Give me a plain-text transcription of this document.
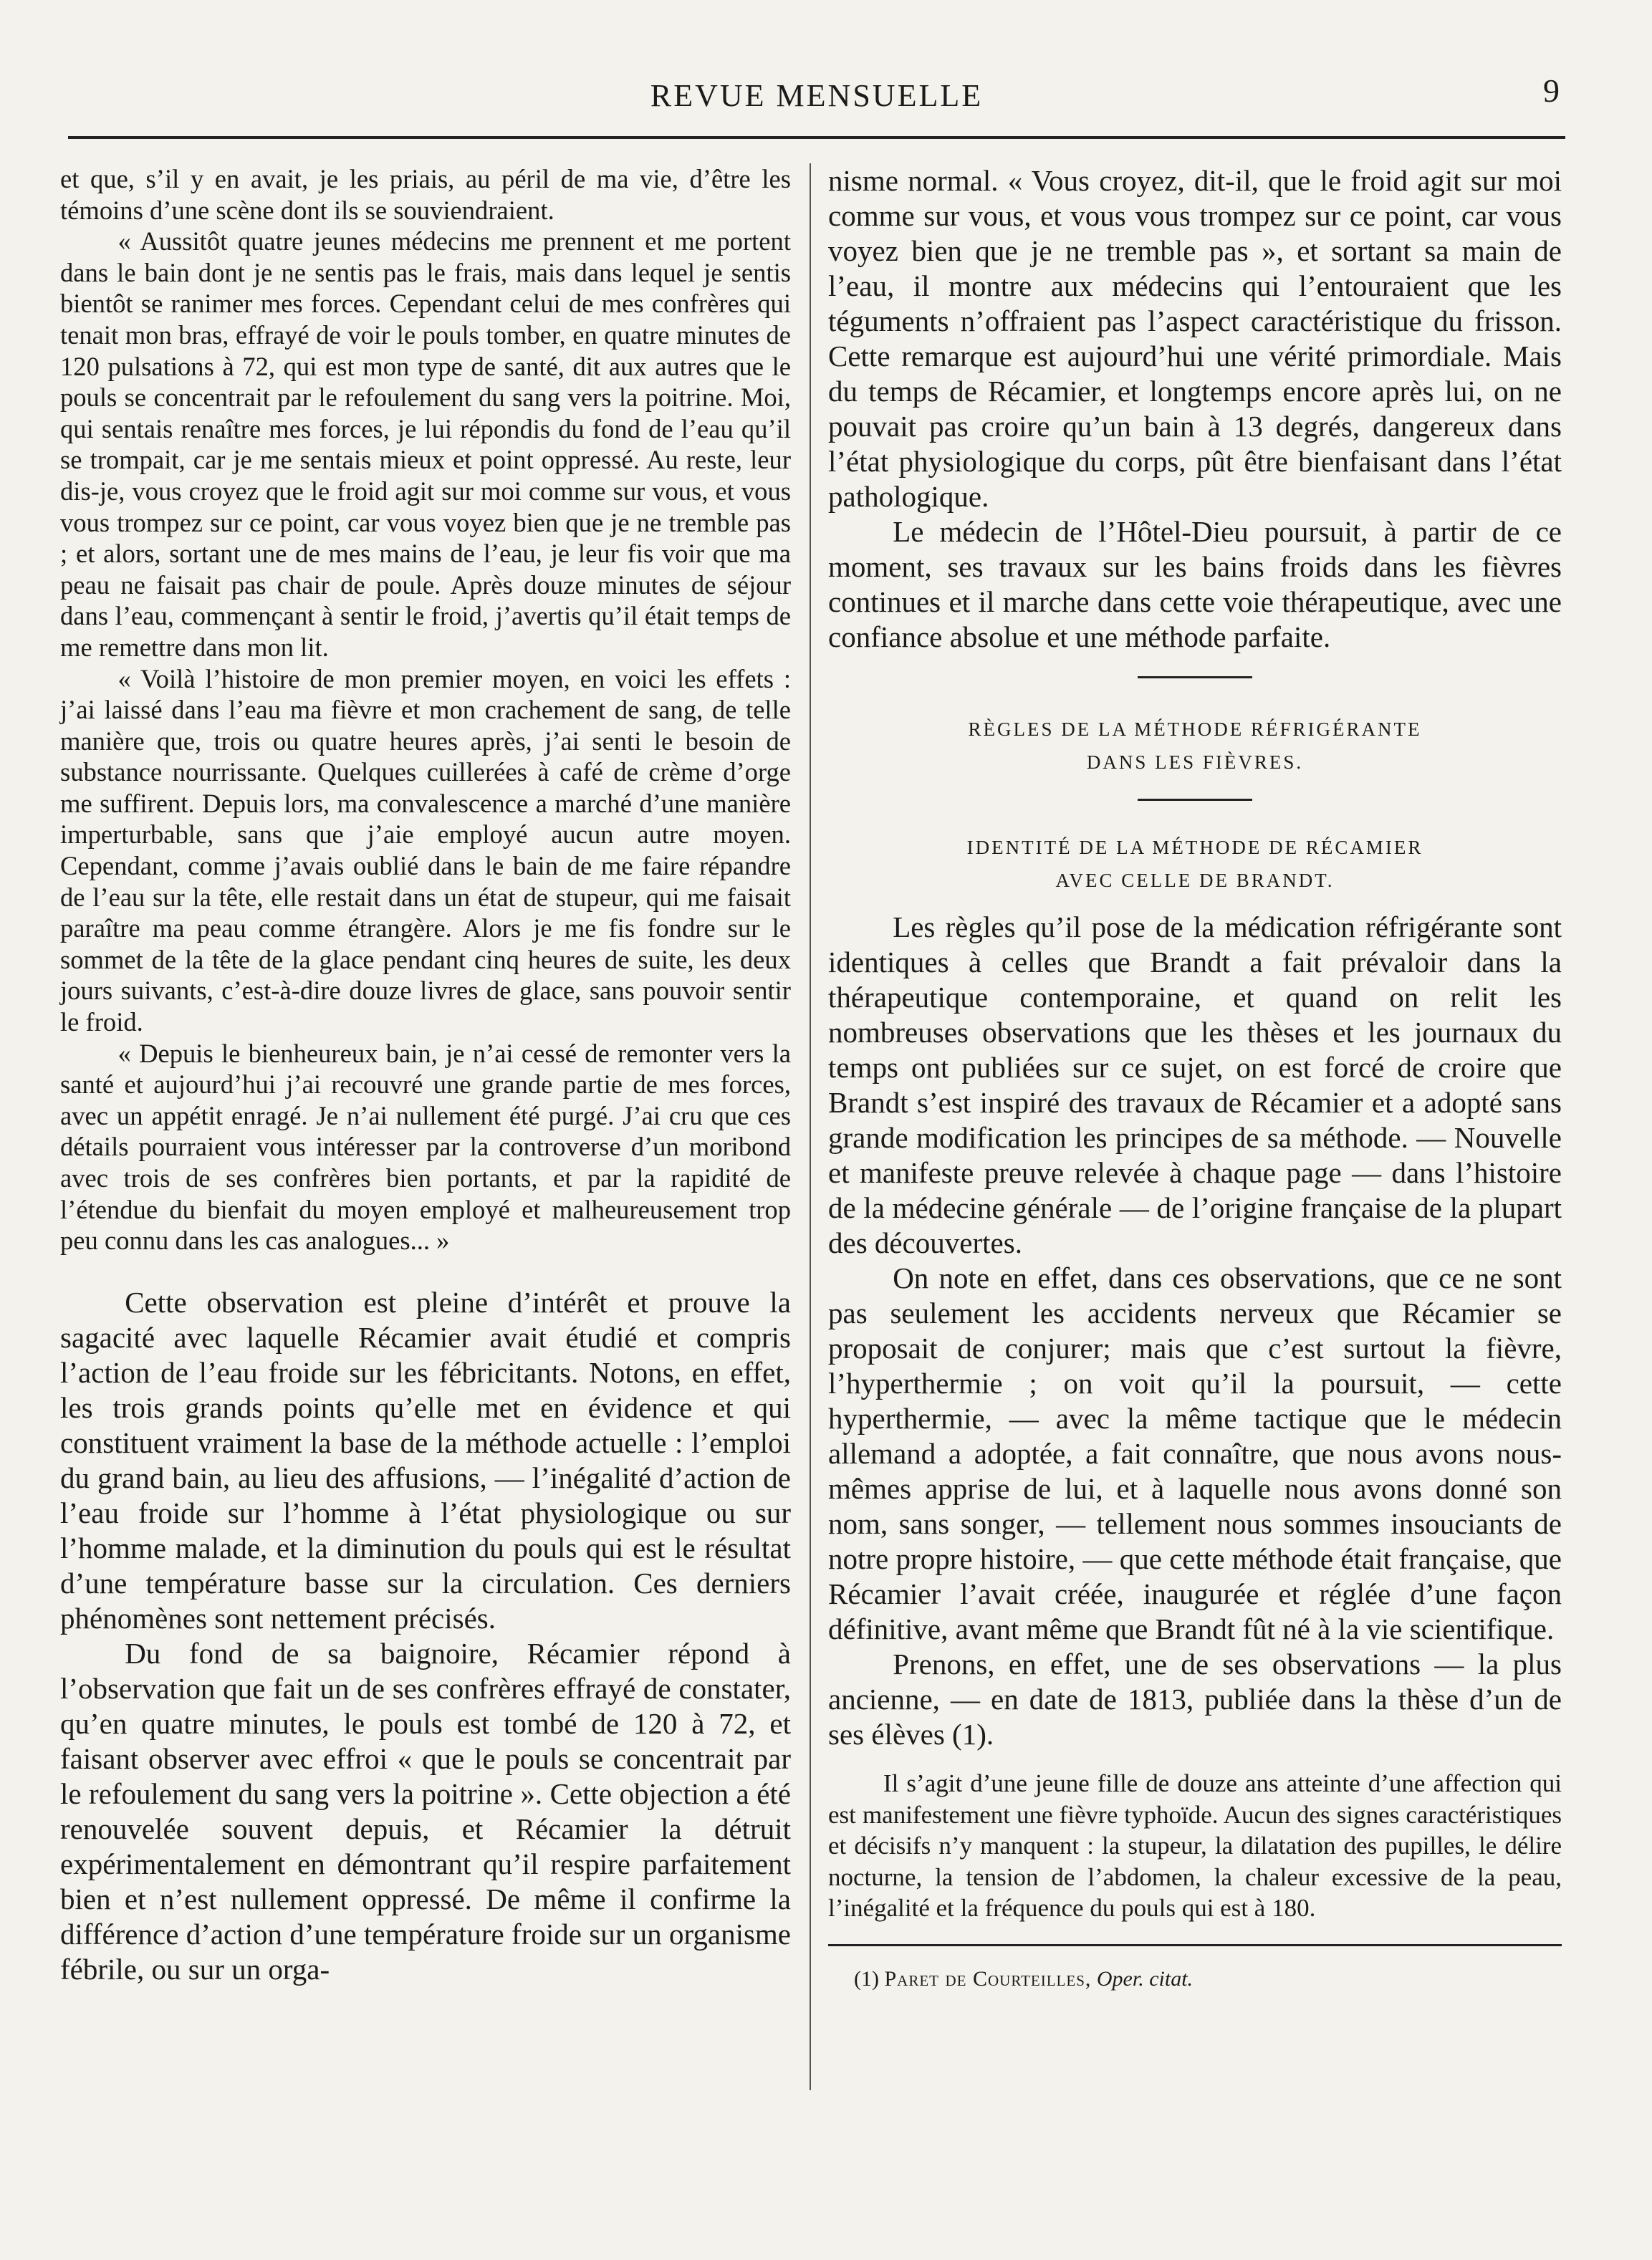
REVUE MENSUELLE	9

et que, s’il y en avait, je les priais, au péril de ma vie, d’être les témoins d’une scène dont ils se souviendraient.

« Aussitôt quatre jeunes médecins me prennent et me portent dans le bain dont je ne sentis pas le frais, mais dans lequel je sentis bientôt se ranimer mes forces. Cependant celui de mes confrères qui tenait mon bras, effrayé de voir le pouls tomber, en quatre minutes de 120 pulsations à 72, qui est mon type de santé, dit aux autres que le pouls se concentrait par le refoulement du sang vers la poitrine. Moi, qui sentais renaître mes forces, je lui répondis du fond de l’eau qu’il se trompait, car je me sentais mieux et point oppressé. Au reste, leur dis-je, vous croyez que le froid agit sur moi comme sur vous, et vous vous trompez sur ce point, car vous voyez bien que je ne tremble pas ; et alors, sortant une de mes mains de l’eau, je leur fis voir que ma peau ne faisait pas chair de poule. Après douze minutes de séjour dans l’eau, commençant à sentir le froid, j’avertis qu’il était temps de me remettre dans mon lit.

« Voilà l’histoire de mon premier moyen, en voici les effets : j’ai laissé dans l’eau ma fièvre et mon crachement de sang, de telle manière que, trois ou quatre heures après, j’ai senti le besoin de substance nourrissante. Quelques cuillerées à café de crème d’orge me suffirent. Depuis lors, ma convalescence a marché d’une manière imperturbable, sans que j’aie employé aucun autre moyen. Cependant, comme j’avais oublié dans le bain de me faire répandre de l’eau sur la tête, elle restait dans un état de stupeur, qui me faisait paraître ma peau comme étrangère. Alors je me fis fondre sur le sommet de la tête de la glace pendant cinq heures de suite, les deux jours suivants, c’est-à-dire douze livres de glace, sans pouvoir sentir le froid.

« Depuis le bienheureux bain, je n’ai cessé de remonter vers la santé et aujourd’hui j’ai recouvré une grande partie de mes forces, avec un appétit enragé. Je n’ai nullement été purgé. J’ai cru que ces détails pourraient vous intéresser par la controverse d’un moribond avec trois de ses confrères bien portants, et par la rapidité de l’étendue du bienfait du moyen employé et malheureusement trop peu connu dans les cas analogues... »

Cette observation est pleine d’intérêt et prouve la sagacité avec laquelle Récamier avait étudié et compris l’action de l’eau froide sur les fébricitants. Notons, en effet, les trois grands points qu’elle met en évidence et qui constituent vraiment la base de la méthode actuelle : l’emploi du grand bain, au lieu des affusions, — l’inégalité d’action de l’eau froide sur l’homme à l’état physiologique ou sur l’homme malade, et la diminution du pouls qui est le résultat d’une température basse sur la circulation. Ces derniers phénomènes sont nettement précisés.

Du fond de sa baignoire, Récamier répond à l’observation que fait un de ses confrères effrayé de constater, qu’en quatre minutes, le pouls est tombé de 120 à 72, et faisant observer avec effroi « que le pouls se concentrait par le refoulement du sang vers la poitrine ». Cette objection a été renouvelée souvent depuis, et Récamier la détruit expérimentalement en démontrant qu’il respire parfaitement bien et n’est nullement oppressé. De même il confirme la différence d’action d’une température froide sur un organisme fébrile, ou sur un orga-

nisme normal. « Vous croyez, dit-il, que le froid agit sur moi comme sur vous, et vous vous trompez sur ce point, car vous voyez bien que je ne tremble pas », et sortant sa main de l’eau, il montre aux médecins qui l’entouraient que les téguments n’offraient pas l’aspect caractéristique du frisson. Cette remarque est aujourd’hui une vérité primordiale. Mais du temps de Récamier, et longtemps encore après lui, on ne pouvait pas croire qu’un bain à 13 degrés, dangereux dans l’état physiologique du corps, pût être bienfaisant dans l’état pathologique.

Le médecin de l’Hôtel-Dieu poursuit, à partir de ce moment, ses travaux sur les bains froids dans les fièvres continues et il marche dans cette voie thérapeutique, avec une confiance absolue et une méthode parfaite.

RÈGLES DE LA MÉTHODE RÉFRIGÉRANTE
DANS LES FIÈVRES.
IDENTITÉ DE LA MÉTHODE DE RÉCAMIER
AVEC CELLE DE BRANDT.

Les règles qu’il pose de la médication réfrigérante sont identiques à celles que Brandt a fait prévaloir dans la thérapeutique contemporaine, et quand on relit les nombreuses observations que les thèses et les journaux du temps ont publiées sur ce sujet, on est forcé de croire que Brandt s’est inspiré des travaux de Récamier et a adopté sans grande modification les principes de sa méthode. — Nouvelle et manifeste preuve relevée à chaque page — dans l’histoire de la médecine générale — de l’origine française de la plupart des découvertes.

On note en effet, dans ces observations, que ce ne sont pas seulement les accidents nerveux que Récamier se proposait de conjurer; mais que c’est surtout la fièvre, l’hyperthermie ; on voit qu’il la poursuit, — cette hyperthermie, — avec la même tactique que le médecin allemand a adoptée, a fait connaître, que nous avons nous-mêmes apprise de lui, et à laquelle nous avons donné son nom, sans songer, — tellement nous sommes insouciants de notre propre histoire, — que cette méthode était française, que Récamier l’avait créée, inaugurée et réglée d’une façon définitive, avant même que Brandt fût né à la vie scientifique.

Prenons, en effet, une de ses observations — la plus ancienne, — en date de 1813, publiée dans la thèse d’un de ses élèves (1).

Il s’agit d’une jeune fille de douze ans atteinte d’une affection qui est manifestement une fièvre typhoïde. Aucun des signes caractéristiques et décisifs n’y manquent : la stupeur, la dilatation des pupilles, le délire nocturne, la tension de l’abdomen, la chaleur excessive de la peau, l’inégalité et la fréquence du pouls qui est à 180.

(1) Paret de Courteilles, Oper. citat.
